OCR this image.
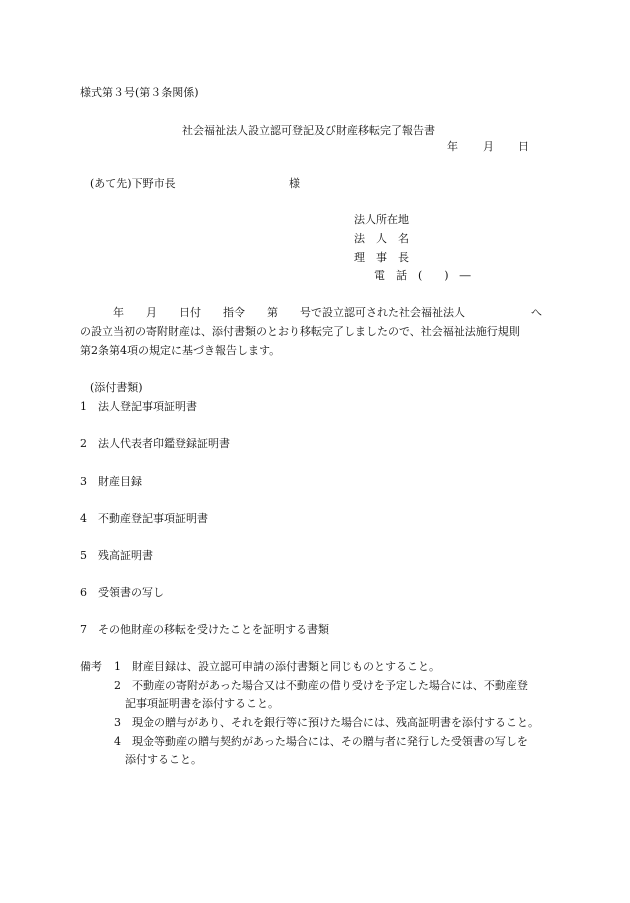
様式第３号(第３条関係)
社会福祉法人設立認可登記及び財産移転完了報告書
年 月 日
(あて先)下野市長	様
法人所在地
法　人　名
理　事　長
電　話　(　　)　―
　　　年　　月　　日付　　指令　　第　　号で設立認可された社会福祉法人　　　　　　へ
の設立当初の寄附財産は、添付書類のとおり移転完了しましたので、社会福祉法施行規則
第2条第4項の規定に基づき報告します。
(添付書類)
1　法人登記事項証明書
2　法人代表者印鑑登録証明書
3　財産目録
4　不動産登記事項証明書
5　残高証明書
6　受領書の写し
7　その他財産の移転を受けたことを証明する書類
備考 1　財産目録は、設立認可申請の添付書類と同じものとすること。
2　不動産の寄附があった場合又は不動産の借り受けを予定した場合には、不動産登
記事項証明書を添付すること。
3　現金の贈与があり、それを銀行等に預けた場合には、残高証明書を添付すること。
4　現金等動産の贈与契約があった場合には、その贈与者に発行した受領書の写しを
添付すること。
